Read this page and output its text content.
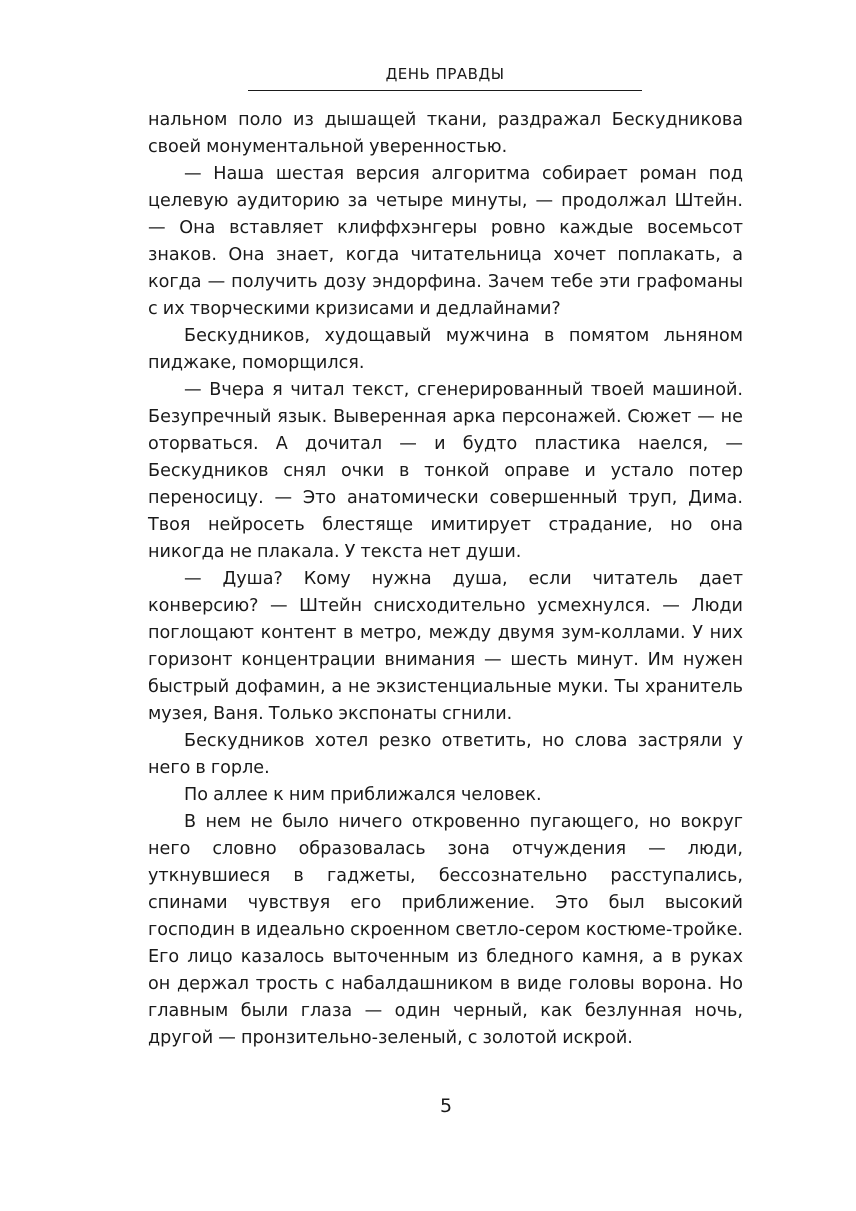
ДЕНЬ ПРАВДЫ

нальном поло из дышащей ткани, раздражал Бескудникова своей монументальной уверенностью.

— Наша шестая версия алгоритма собирает роман под целевую аудиторию за четыре минуты, — продолжал Штейн. — Она вставляет клиффхэнгеры ровно каждые восемьсот знаков. Она знает, когда читательница хочет поплакать, а когда — получить дозу эндорфина. Зачем тебе эти графоманы с их творческими кризисами и дедлайнами?

Бескудников, худощавый мужчина в помятом льняном пиджаке, поморщился.

— Вчера я читал текст, сгенерированный твоей машиной. Безупречный язык. Выверенная арка персонажей. Сюжет — не оторваться. А дочитал — и будто пластика наелся, — Бескудников снял очки в тонкой оправе и устало потер переносицу. — Это анатомически совершенный труп, Дима. Твоя нейросеть блестяще имитирует страдание, но она никогда не плакала. У текста нет души.

— Душа? Кому нужна душа, если читатель дает конверсию? — Штейн снисходительно усмехнулся. — Люди поглощают контент в метро, между двумя зум-коллами. У них горизонт концентрации внимания — шесть минут. Им нужен быстрый дофамин, а не экзистенциальные муки. Ты хранитель музея, Ваня. Только экспонаты сгнили.

Бескудников хотел резко ответить, но слова застряли у него в горле.

По аллее к ним приближался человек.

В нем не было ничего откровенно пугающего, но вокруг него словно образовалась зона отчуждения — люди, уткнувшиеся в гаджеты, бессознательно расступались, спинами чувствуя его приближение. Это был высокий господин в идеально скроенном светло-сером костюме-тройке. Его лицо казалось выточенным из бледного камня, а в руках он держал трость с набалдашником в виде головы ворона. Но главным были глаза — один черный, как безлунная ночь, другой — пронзительно-зеленый, с золотой искрой.

5
